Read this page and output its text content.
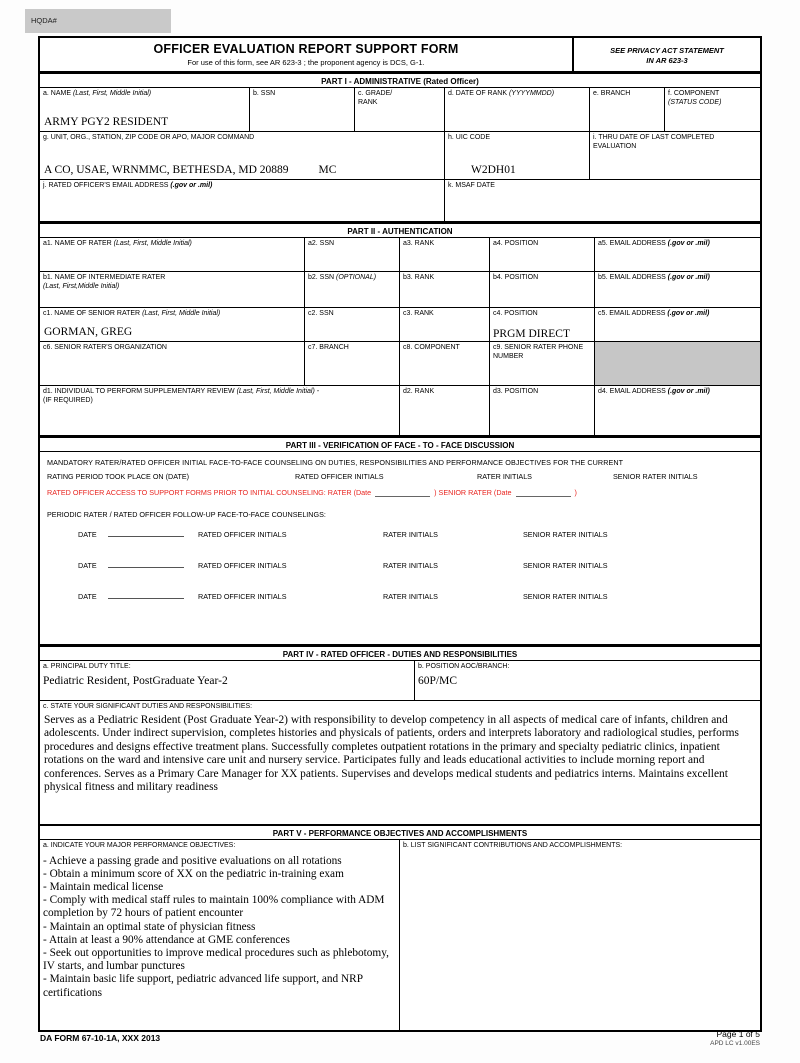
HQDA#
OFFICER EVALUATION REPORT SUPPORT FORM
For use of this form, see AR 623-3 ; the proponent agency is DCS, G-1.
SEE PRIVACY ACT STATEMENT
IN AR 623-3
PART I - ADMINISTRATIVE (Rated Officer)
a. NAME (Last, First, Middle Initial)
ARMY PGY2 RESIDENT
b. SSN	c. GRADE/
RANK
d. DATE OF RANK (YYYYMMDD)	e. BRANCH	f. COMPONENT
(STATUS CODE)
g. UNIT, ORG., STATION, ZIP CODE OR APO, MAJOR COMMAND
A CO, USAE, WRNMMC, BETHESDA, MD 20889	MC
h. UIC CODE
W2DH01
i. THRU DATE OF LAST COMPLETED EVALUATION
j. RATED OFFICER'S EMAIL ADDRESS (.gov or .mil)	k. MSAF DATE
PART II - AUTHENTICATION
a1. NAME OF RATER (Last, First, Middle Initial)	a2. SSN	a3. RANK	a4. POSITION	a5. EMAIL ADDRESS (.gov or .mil)
b1. NAME OF INTERMEDIATE RATER
(Last, First,Middle Initial)
b2. SSN (OPTIONAL)	b3. RANK	b4. POSITION	b5. EMAIL ADDRESS (.gov or .mil)
c1. NAME OF SENIOR RATER (Last, First, Middle Initial)
GORMAN, GREG
c2. SSN	c3. RANK	c4. POSITION
PRGM DIRECT
c5. EMAIL ADDRESS (.gov or .mil)
c6. SENIOR RATER'S ORGANIZATION	c7. BRANCH	c8. COMPONENT	c9. SENIOR RATER PHONE NUMBER
d1. INDIVIDUAL TO PERFORM SUPPLEMENTARY REVIEW (Last, First, Middle Initial) -
(IF REQUIRED)
d2. RANK	d3. POSITION	d4. EMAIL ADDRESS (.gov or .mil)
PART III - VERIFICATION OF FACE - TO - FACE DISCUSSION
MANDATORY RATER/RATED OFFICER INITIAL FACE-TO-FACE COUNSELING ON DUTIES, RESPONSIBILITIES AND PERFORMANCE OBJECTIVES FOR THE CURRENT
RATING PERIOD TOOK PLACE ON (DATE)	RATED OFFICER INITIALS	RATER INITIALS	SENIOR RATER INITIALS
RATED OFFICER ACCESS TO SUPPORT FORMS PRIOR TO INITIAL COUNSELING: RATER (Date	) SENIOR RATER (Date	)
PERIODIC RATER / RATED OFFICER FOLLOW-UP FACE-TO-FACE COUNSELINGS:
DATE	RATED OFFICER INITIALS	RATER INITIALS	SENIOR RATER INITIALS
DATE	RATED OFFICER INITIALS	RATER INITIALS	SENIOR RATER INITIALS
DATE	RATED OFFICER INITIALS	RATER INITIALS	SENIOR RATER INITIALS
PART IV - RATED OFFICER - DUTIES AND RESPONSIBILITIES
a. PRINCIPAL DUTY TITLE:
Pediatric Resident, PostGraduate Year-2
b. POSITION AOC/BRANCH:
60P/MC
c. STATE YOUR SIGNIFICANT DUTIES AND RESPONSIBILITIES:
Serves as a Pediatric Resident (Post Graduate Year-2) with responsibility to develop competency in all aspects of medical care of infants, children and adolescents. Under indirect supervision, completes histories and physicals of patients, orders and interprets laboratory and radiological studies, performs procedures and designs effective treatment plans. Successfully completes outpatient rotations in the primary and specialty pediatric clinics, inpatient rotations on the ward and intensive care unit and nursery service. Participates fully and leads educational activities to include morning report and conferences. Serves as a Primary Care Manager for XX patients. Supervises and develops medical students and pediatrics interns. Maintains excellent physical fitness and military readiness
PART V - PERFORMANCE OBJECTIVES AND ACCOMPLISHMENTS
a. INDICATE YOUR MAJOR PERFORMANCE OBJECTIVES:
- Achieve a passing grade and positive evaluations on all rotations
- Obtain a minimum score of XX on the pediatric in-training exam
- Maintain medical license
- Comply with medical staff rules to maintain 100% compliance with ADM completion by 72 hours of patient encounter
- Maintain an optimal state of physician fitness
- Attain at least a 90% attendance at GME conferences
- Seek out opportunities to improve medical procedures such as phlebotomy, IV starts, and lumbar punctures
- Maintain basic life support, pediatric advanced life support, and NRP certifications
b. LIST SIGNIFICANT CONTRIBUTIONS AND ACCOMPLISHMENTS:
DA FORM 67-10-1A, XXX 2013	Page 1 of 5
APD LC v1.00ES
